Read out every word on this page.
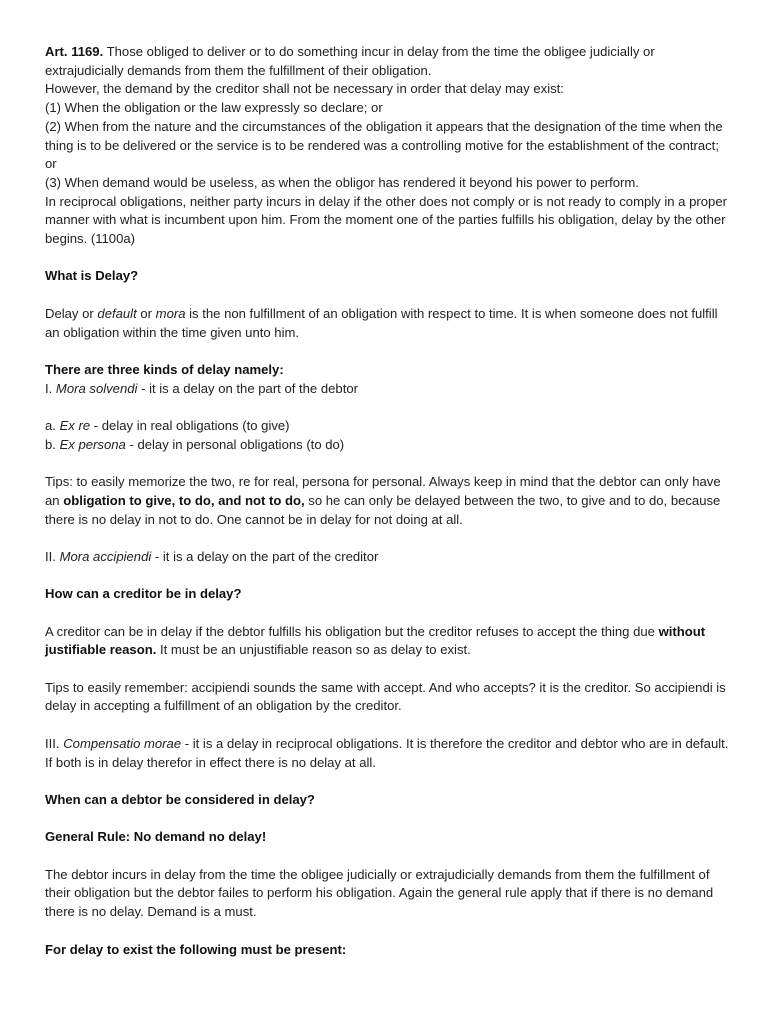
Art. 1169. Those obliged to deliver or to do something incur in delay from the time the obligee judicially or extrajudicially demands from them the fulfillment of their obligation.

However, the demand by the creditor shall not be necessary in order that delay may exist:

(1) When the obligation or the law expressly so declare; or

(2) When from the nature and the circumstances of the obligation it appears that the designation of the time when the thing is to be delivered or the service is to be rendered was a controlling motive for the establishment of the contract; or

(3) When demand would be useless, as when the obligor has rendered it beyond his power to perform.

In reciprocal obligations, neither party incurs in delay if the other does not comply or is not ready to comply in a proper manner with what is incumbent upon him. From the moment one of the parties fulfills his obligation, delay by the other begins. (1100a)

What is Delay?

Delay or default or mora is the non fulfillment of an obligation with respect to time. It is when someone does not fulfill an obligation within the time given unto him.

There are three kinds of delay namely:

I. Mora solvendi - it is a delay on the part of the debtor

a. Ex re - delay in real obligations (to give)

b. Ex persona - delay in personal obligations (to do)

Tips: to easily memorize the two, re for real, persona for personal. Always keep in mind that the debtor can only have an obligation to give, to do, and not to do, so he can only be delayed between the two, to give and to do, because there is no delay in not to do. One cannot be in delay for not doing at all.

II. Mora accipiendi - it is a delay on the part of the creditor

How can a creditor be in delay?

A creditor can be in delay if the debtor fulfills his obligation but the creditor refuses to accept the thing due without justifiable reason. It must be an unjustifiable reason so as delay to exist.

Tips to easily remember: accipiendi sounds the same with accept. And who accepts? it is the creditor. So accipiendi is delay in accepting a fulfillment of an obligation by the creditor.

III. Compensatio morae - it is a delay in reciprocal obligations. It is therefore the creditor and debtor who are in default. If both is in delay therefor in effect there is no delay at all.

When can a debtor be considered in delay?

General Rule: No demand no delay!

The debtor incurs in delay from the time the obligee judicially or extrajudicially demands from them the fulfillment of their obligation but the debtor failes to perform his obligation. Again the general rule apply that if there is no demand there is no delay. Demand is a must.

For delay to exist the following must be present:
